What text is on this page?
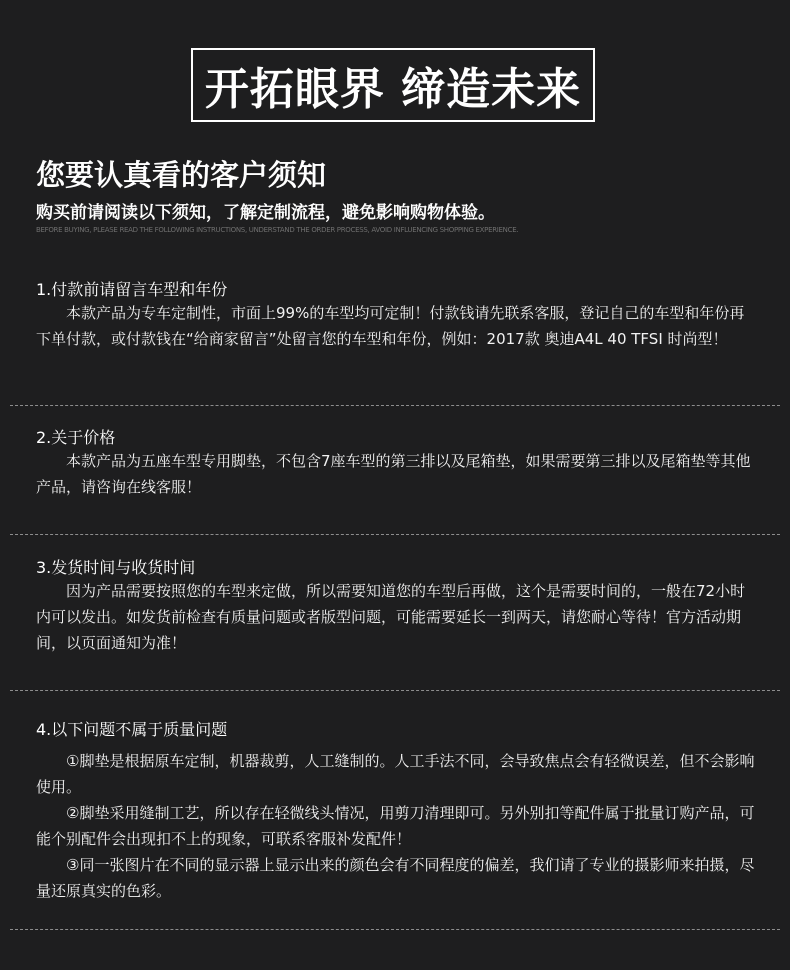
开拓眼界 缔造未来
您要认真看的客户须知
购买前请阅读以下须知，了解定制流程，避免影响购物体验。
BEFORE BUYING, PLEASE READ THE FOLLOWING INSTRUCTIONS, UNDERSTAND THE ORDER PROCESS, AVOID INFLUENCING SHOPPING EXPERIENCE.
1.付款前请留言车型和年份

本款产品为专车定制性，市面上99%的车型均可定制！付款钱请先联系客服，登记自己的车型和年份再下单付款，或付款钱在“给商家留言”处留言您的车型和年份，例如：2017款 奥迪A4L 40 TFSI 时尚型！

2.关于价格

本款产品为五座车型专用脚垫，不包含7座车型的第三排以及尾箱垫，如果需要第三排以及尾箱垫等其他产品，请咨询在线客服！

3.发货时间与收货时间

因为产品需要按照您的车型来定做，所以需要知道您的车型后再做，这个是需要时间的，一般在72小时内可以发出。如发货前检查有质量问题或者版型问题，可能需要延长一到两天，请您耐心等待！官方活动期间，以页面通知为准！

4.以下问题不属于质量问题

①脚垫是根据原车定制，机器裁剪，人工缝制的。人工手法不同，会导致焦点会有轻微误差，但不会影响使用。

②脚垫采用缝制工艺，所以存在轻微线头情况，用剪刀清理即可。另外别扣等配件属于批量订购产品，可能个别配件会出现扣不上的现象，可联系客服补发配件！

③同一张图片在不同的显示器上显示出来的颜色会有不同程度的偏差，我们请了专业的摄影师来拍摄，尽量还原真实的色彩。
